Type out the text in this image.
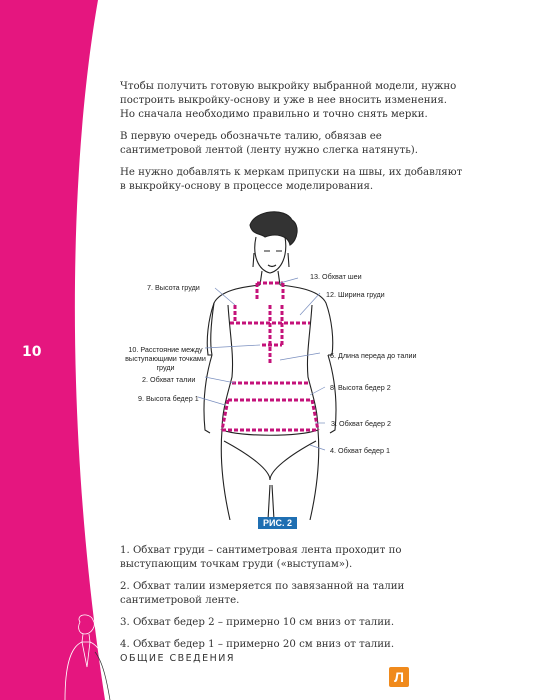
10

Чтобы получить готовую выкройку выбранной модели, нужно построить выкройку-основу и уже в нее вносить изменения. Но сначала необходимо правильно и точно снять мерки.

В первую очередь обозначьте талию, обвязав ее сантиметровой лентой (ленту нужно слегка натянуть).

Не нужно добавлять к меркам припуски на швы, их добавляют в выкройку-основу в процессе моделирования.

7. Высота груди
13. Обхват шеи
12. Ширина груди
10. Расстояние между выступающими точками груди
6. Длина переда до талии
2. Обхват талии
8. Высота бедер 2
9. Высота бедер 1
3. Обхват бедер 2
4. Обхват бедер 1
РИС. 2

1. Обхват груди – сантиметровая лента проходит по выступающим точкам груди («выступам»).

2. Обхват талии измеряется по завязанной на талии сантиметровой ленте.

3. Обхват бедер 2 – примерно 10 см вниз от талии.

4. Обхват бедер 1 – примерно 20 см вниз от талии.

ОБЩИЕ СВЕДЕНИЯ
Л
